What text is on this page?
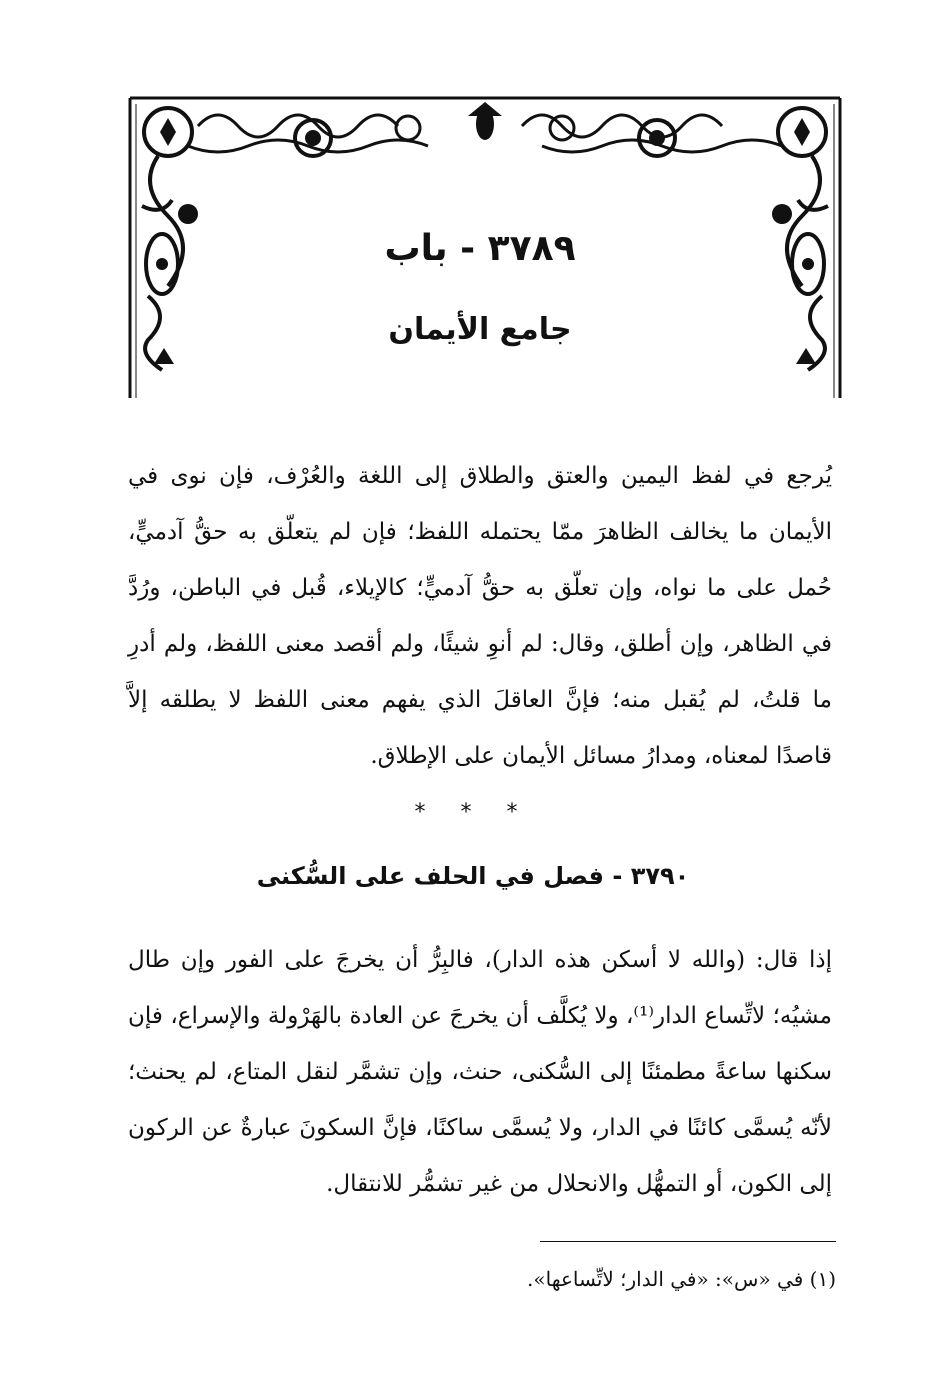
٣٧٨٩ - باب
جامع الأيمان
يُرجع في لفظ اليمين والعتق والطلاق إلى اللغة والعُرْف، فإن نوى في الأيمان ما يخالف الظاهرَ ممّا يحتمله اللفظ؛ فإن لم يتعلّق به حقُّ آدميٍّ، حُمل على ما نواه، وإن تعلّق به حقُّ آدميٍّ؛ كالإيلاء، قُبل في الباطن، ورُدَّ في الظاهر، وإن أطلق، وقال: لم أنوِ شيئًا، ولم أقصد معنى اللفظ، ولم أدرِ ما قلتُ، لم يُقبل منه؛ فإنَّ العاقلَ الذي يفهم معنى اللفظ لا يطلقه إلاَّ قاصدًا لمعناه، ومدارُ مسائل الأيمان على الإطلاق.
* * *
٣٧٩٠ - فصل في الحلف على السُّكنى
إذا قال: (والله لا أسكن هذه الدار)، فالبِرُّ أن يخرجَ على الفور وإن طال مشيُه؛ لاتِّساع الدار⁽¹⁾، ولا يُكلَّف أن يخرجَ عن العادة بالهَرْولة والإسراع، فإن سكنها ساعةً مطمئنًا إلى السُّكنى، حنث، وإن تشمَّر لنقل المتاع، لم يحنث؛ لأنّه يُسمَّى كائنًا في الدار، ولا يُسمَّى ساكنًا، فإنَّ السكونَ عبارةٌ عن الركون إلى الكون، أو التمهُّل والانحلال من غير تشمُّر للانتقال.
(١) في «س»: «في الدار؛ لاتِّساعها».
